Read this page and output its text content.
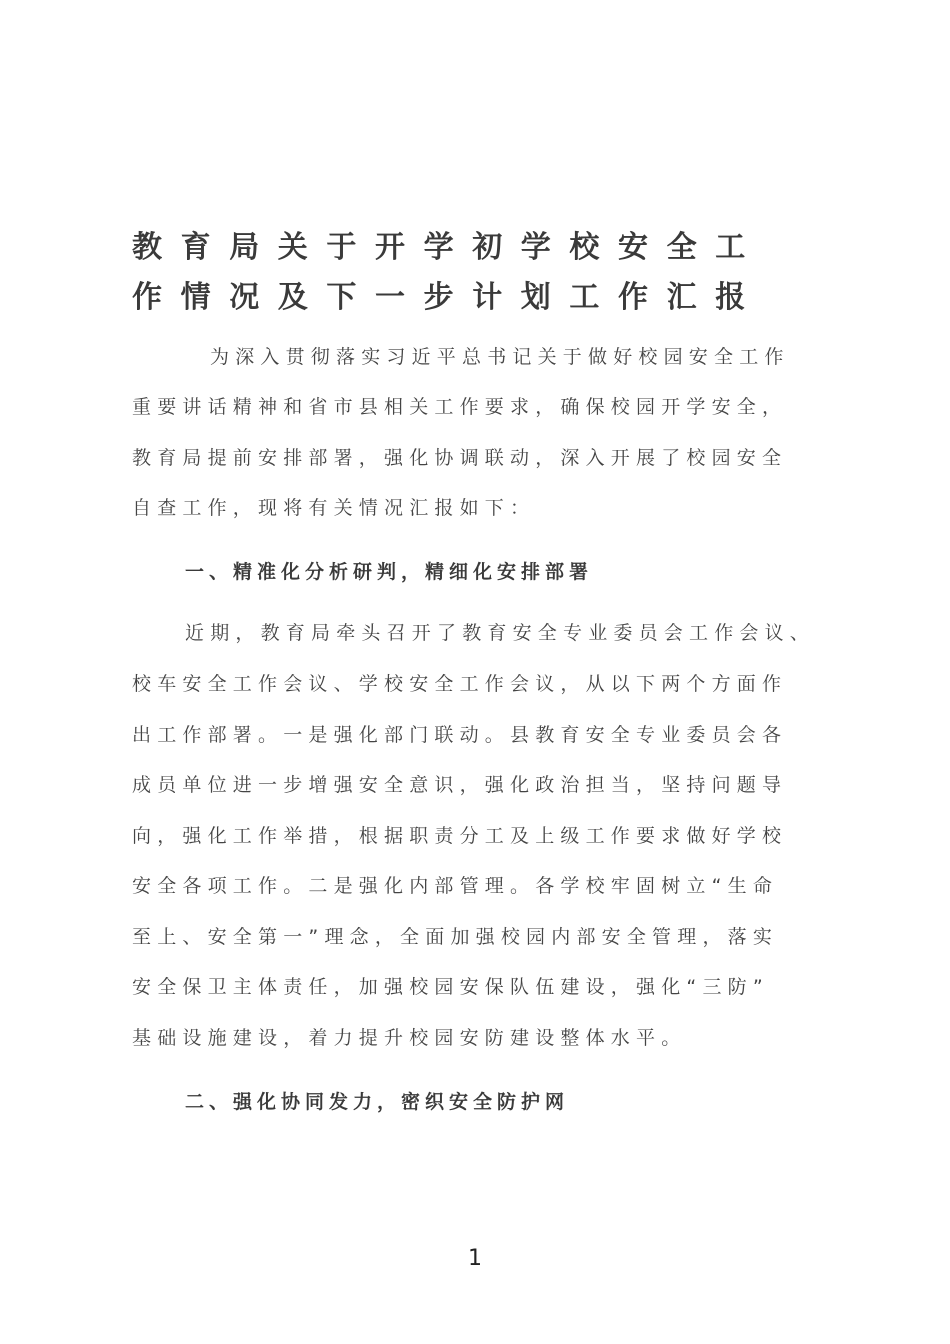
教育局关于开学初学校安全工
作情况及下一步计划工作汇报
为深入贯彻落实习近平总书记关于做好校园安全工作
重要讲话精神和省市县相关工作要求，确保校园开学安全，
教育局提前安排部署，强化协调联动，深入开展了校园安全
自查工作，现将有关情况汇报如下：
一、精准化分析研判，精细化安排部署
近期，教育局牵头召开了教育安全专业委员会工作会议、
校车安全工作会议、学校安全工作会议，从以下两个方面作
出工作部署。一是强化部门联动。县教育安全专业委员会各
成员单位进一步增强安全意识，强化政治担当，坚持问题导
向，强化工作举措，根据职责分工及上级工作要求做好学校
安全各项工作。二是强化内部管理。各学校牢固树立“生命
至上、安全第一”理念，全面加强校园内部安全管理，落实
安全保卫主体责任，加强校园安保队伍建设，强化“三防”
基础设施建设，着力提升校园安防建设整体水平。
二、强化协同发力，密织安全防护网
1
